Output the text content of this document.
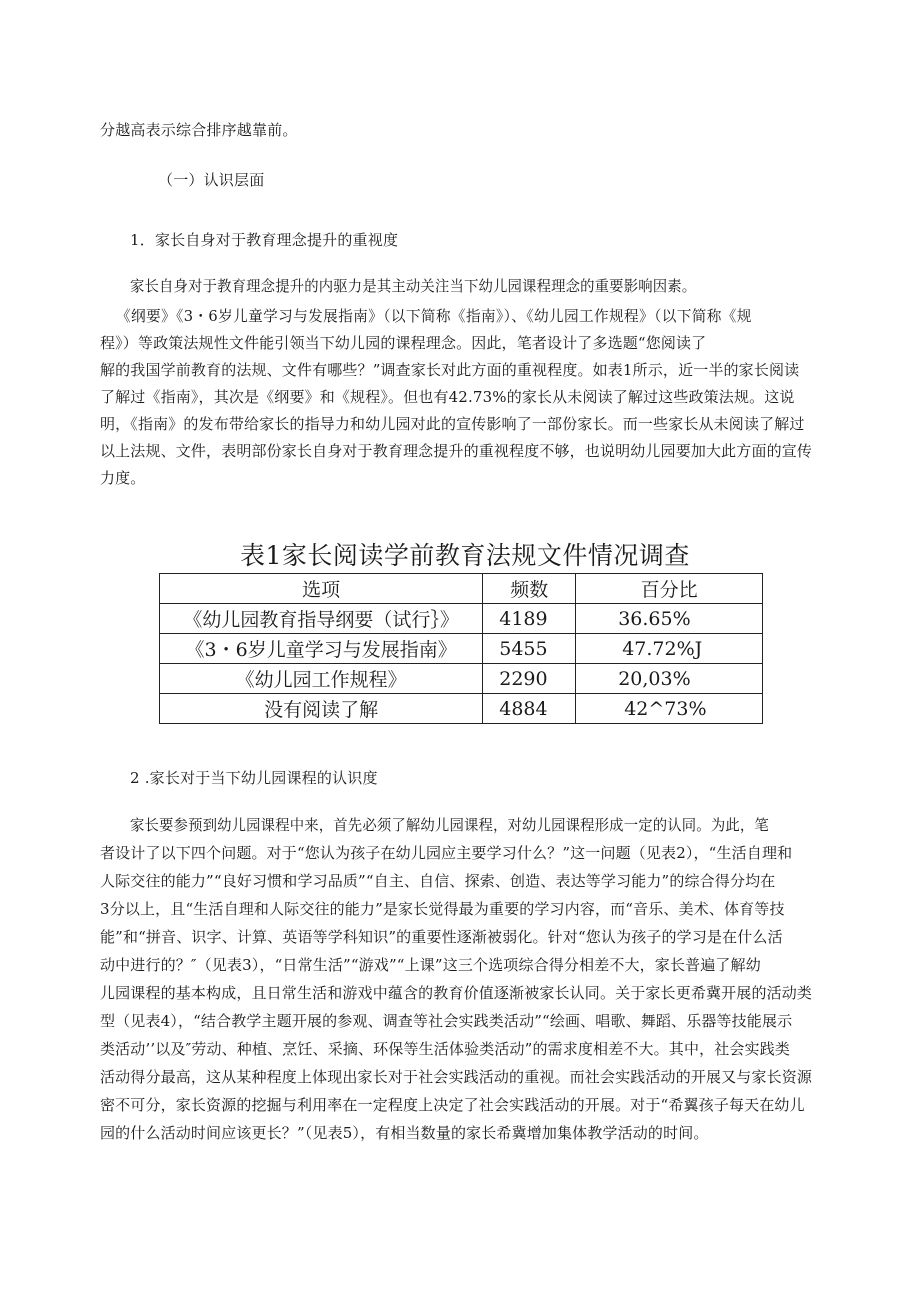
分越高表示综合排序越靠前。
（一）认识层面
1．家长自身对于教育理念提升的重视度
家长自身对于教育理念提升的内驱力是其主动关注当下幼儿园课程理念的重要影响因素。
《纲要》《3・6岁儿童学习与发展指南》（以下简称《指南》）、《幼儿园工作规程》（以下简称《规
程》）等政策法规性文件能引领当下幼儿园的课程理念。因此，笔者设计了多选题“您阅读了
解的我国学前教育的法规、文件有哪些？”调查家长对此方面的重视程度。如表1所示，近一半的家长阅读
了解过《指南》，其次是《纲要》和《规程》。但也有42.73%的家长从未阅读了解过这些政策法规。这说
明，《指南》的发布带给家长的指导力和幼儿园对此的宣传影响了一部份家长。而一些家长从未阅读了解过
以上法规、文件，表明部份家长自身对于教育理念提升的重视程度不够，也说明幼儿园要加大此方面的宣传
力度。
表1家长阅读学前教育法规文件情况调查
选项	频数	百分比
《幼儿园教育指导纲要（试行｝》	4189	36.65%
《3・6岁儿童学习与发展指南》	5455	47.72%J
《幼儿园工作规程》	2290	20,03%
没有阅读了解	4884	42^73%
2 .家长对于当下幼儿园课程的认识度
家长要参预到幼儿园课程中来，首先必须了解幼儿园课程，对幼儿园课程形成一定的认同。为此，笔
者设计了以下四个问题。对于“您认为孩子在幼儿园应主要学习什么？”这一问题（见表2），“生活自理和
人际交往的能力”“良好习惯和学习品质”“自主、自信、探索、创造、表达等学习能力”的综合得分均在
3分以上，且“生活自理和人际交往的能力”是家长觉得最为重要的学习内容，而“音乐、美术、体育等技
能”和“拼音、识字、计算、英语等学科知识”的重要性逐渐被弱化。针对“您认为孩子的学习是在什么活
动中进行的？″（见表3），“日常生活”“游戏”“上课”这三个选项综合得分相差不大，家长普遍了解幼
儿园课程的基本构成，且日常生活和游戏中蕴含的教育价值逐渐被家长认同。关于家长更希冀开展的活动类
型（见表4），“结合教学主题开展的参观、调查等社会实践类活动”“绘画、唱歌、舞蹈、乐器等技能展示
类活动’’以及″劳动、种植、烹饪、采摘、环保等生活体验类活动”的需求度相差不大。其中，社会实践类
活动得分最高，这从某种程度上体现出家长对于社会实践活动的重视。而社会实践活动的开展又与家长资源
密不可分，家长资源的挖掘与利用率在一定程度上决定了社会实践活动的开展。对于“希翼孩子每天在幼儿
园的什么活动时间应该更长？”（见表5），有相当数量的家长希冀增加集体教学活动的时间。
